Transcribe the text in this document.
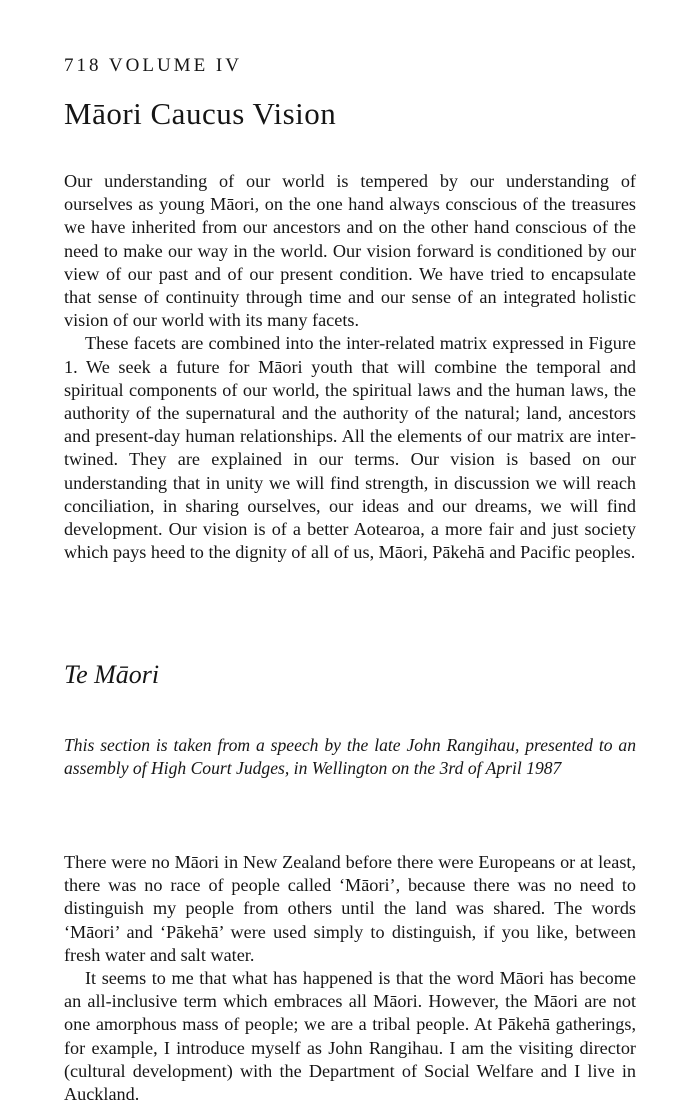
718 VOLUME IV
Māori Caucus Vision

Our understanding of our world is tempered by our understanding of ourselves as young Māori, on the one hand always conscious of the treasures we have inherited from our ancestors and on the other hand conscious of the need to make our way in the world. Our vision forward is conditioned by our view of our past and of our present condition. We have tried to encapsulate that sense of continuity through time and our sense of an integrated holistic vision of our world with its many facets.

These facets are combined into the inter-related matrix expressed in Figure 1. We seek a future for Māori youth that will combine the temporal and spiritual components of our world, the spiritual laws and the human laws, the authority of the supernatural and the authority of the natural; land, ancestors and present-day human relationships. All the elements of our matrix are intertwined. They are explained in our terms. Our vision is based on our understanding that in unity we will find strength, in discussion we will reach conciliation, in sharing ourselves, our ideas and our dreams, we will find development. Our vision is of a better Aotearoa, a more fair and just society which pays heed to the dignity of all of us, Māori, Pākehā and Pacific peoples.

Te Māori

This section is taken from a speech by the late John Rangihau, presented to an assembly of High Court Judges, in Wellington on the 3rd of April 1987

There were no Māori in New Zealand before there were Europeans or at least, there was no race of people called ‘Māori’, because there was no need to distinguish my people from others until the land was shared. The words ‘Māori’ and ‘Pākehā’ were used simply to distinguish, if you like, between fresh water and salt water.

It seems to me that what has happened is that the word Māori has become an all-inclusive term which embraces all Māori. However, the Māori are not one amorphous mass of people; we are a tribal people. At Pākehā gatherings, for example, I introduce myself as John Rangihau. I am the visiting director (cultural development) with the Department of Social Welfare and I live in Auckland.
